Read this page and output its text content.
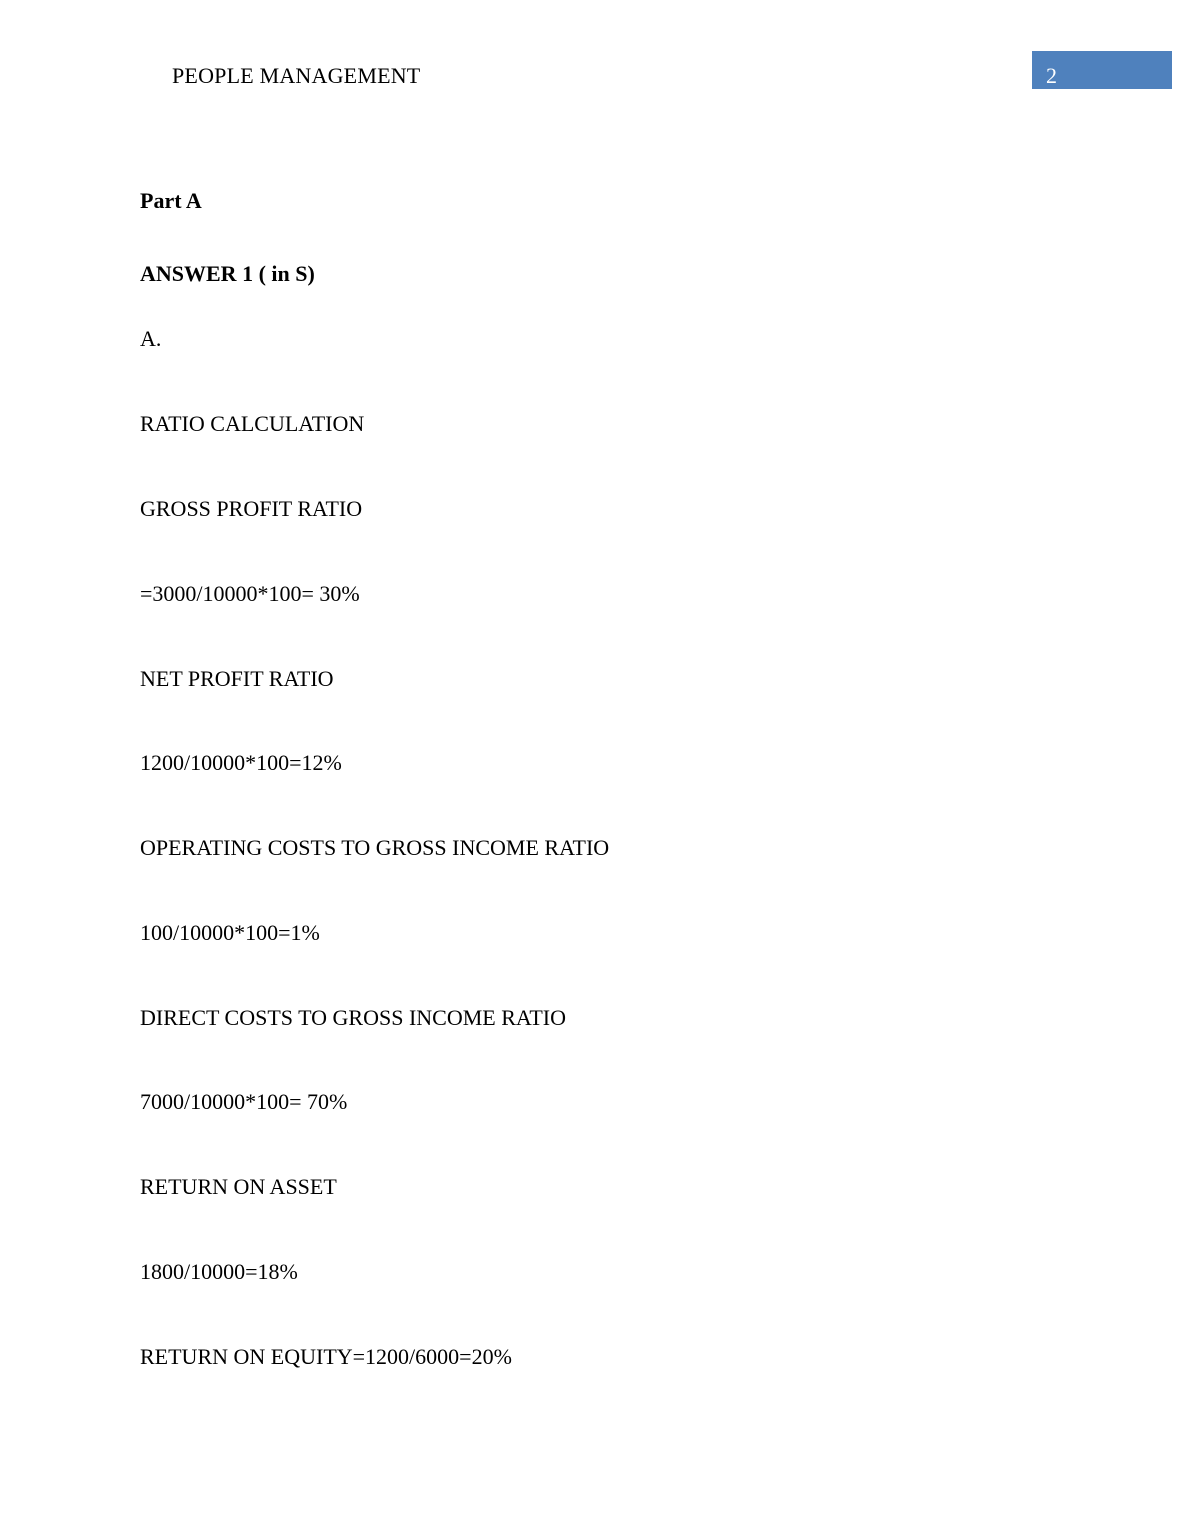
PEOPLE MANAGEMENT	2
Part A
ANSWER 1 ( in S)
A.
RATIO CALCULATION
GROSS PROFIT RATIO
=3000/10000*100= 30%
NET PROFIT RATIO
1200/10000*100=12%
OPERATING COSTS TO GROSS INCOME RATIO
100/10000*100=1%
DIRECT COSTS TO GROSS INCOME RATIO
7000/10000*100= 70%
RETURN ON ASSET
1800/10000=18%
RETURN ON EQUITY=1200/6000=20%
